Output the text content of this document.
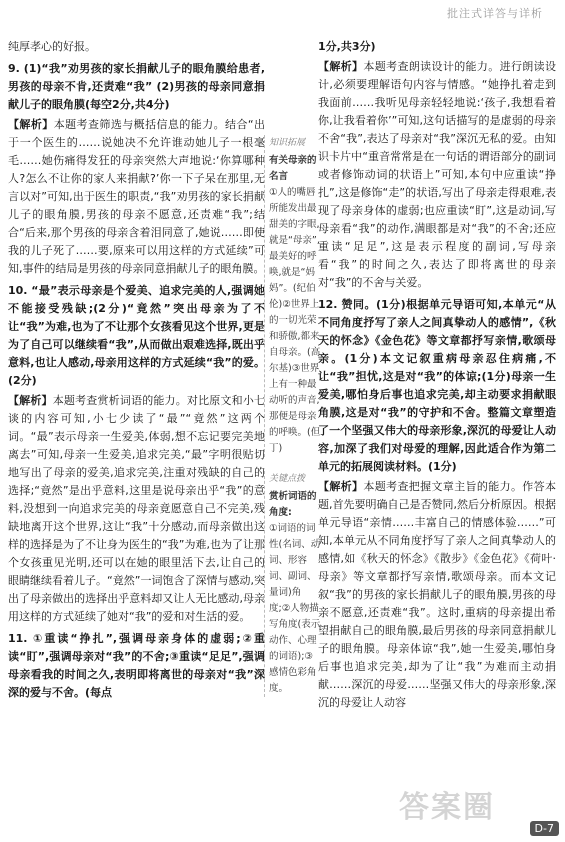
批注式详答与详析

纯厚孝心的好报。

9. (1)“我”劝男孩的家长捐献儿子的眼角膜给患者,男孩的母亲不肯,还责难“我” (2)男孩的母亲同意捐献儿子的眼角膜(每空2分,共4分)

【解析】本题考查筛选与概括信息的能力。结合“出于一个医生的……说她决不允许谁动她儿子一根毫毛……她伤痛得发狂的母亲突然大声地说:‘你算哪种人?怎么不让你的家人来捐献?’你一下子呆在那里,无言以对”可知,出于医生的职责,“我”劝男孩的家长捐献儿子的眼角膜,男孩的母亲不愿意,还责难“我”;结合“后来,那个男孩的母亲含着泪同意了,她说……即使我的儿子死了……要,原来可以用这样的方式延续”可知,事件的结局是男孩的母亲同意捐献儿子的眼角膜。

10. “最”表示母亲是个爱美、追求完美的人,强调她不能接受残缺;(2分)“竟然”突出母亲为了不让“我”为难,也为了不让那个女孩看见这个世界,更是为了自己可以继续看“我”,从而做出艰难选择,既出乎意料,也让人感动,母亲用这样的方式延续“我”的爱。(2分)

【解析】本题考查赏析词语的能力。对比原文和小七谈的内容可知,小七少读了“最”“竟然”这两个词。“最”表示母亲一生爱美,体弱,想不忘记要完美地离去”可知,母亲一生爱美,追求完美,“最”字明很贴切地写出了母亲的爱美,追求完美,注重对残缺的自己的选择;“竟然”是出乎意料,这里是说母亲出乎“我”的意料,没想到一向追求完美的母亲竟愿意自己不完美,残缺地离开这个世界,这让“我”十分感动,而母亲做出这样的选择是为了不让身为医生的“我”为难,也为了让那个女孩重见光明,还可以在她的眼里活下去,让自己的眼睛继续看着儿子。“竟然”一词饱含了深情与感动,突出了母亲做出的选择出乎意料却又让人无比感动,母亲用这样的方式延续了她对“我”的爱和对生活的爱。

11. ①重读“挣扎”,强调母亲身体的虚弱;②重读“盯”,强调母亲对“我”的不舍;③重读“足足”,强调母亲看我的时间之久,表明即将离世的母亲对“我”深深的爱与不舍。(每点

知识拓展
有关母亲的名言
①人的嘴唇所能发出最甜美的字眼,就是“母亲”,最美好的呼唤,就是“妈妈”。(纪伯伦)②世界上的一切光荣和骄傲,都来自母亲。(高尔基)③世界上有一种最动听的声音,那便是母亲的呼唤。(但丁)
关键点拨
赏析词语的角度:
①词语的词性(名词、动词、形容词、副词、量词)角度;②人物描写角度(表示动作、心理的词语);③感情色彩角度。

1分,共3分)

【解析】本题考查朗读设计的能力。进行朗读设计,必须要理解语句内容与情感。“她挣扎着走到我面前……我听见母亲轻轻地说:‘孩子,我想看着你,让我看着你’”可知,这句话描写的是虚弱的母亲不舍“我”,表达了母亲对“我”深沉无私的爱。由知识卡片中“重音常常是在一句话的谓语部分的副词或者修饰动词的状语上”可知,本句中应重读“挣扎”,这是修饰“走”的状语,写出了母亲走得艰难,表现了母亲身体的虚弱;也应重读“盯”,这是动词,写母亲看“我”的动作,满眼都是对“我”的不舍;还应重读“足足”,这是表示程度的副词,写母亲看“我”的时间之久,表达了即将离世的母亲对“我”的不舍与关爱。

12. 赞同。(1分)根据单元导语可知,本单元“从不同角度抒写了亲人之间真挚动人的感情”,《秋天的怀念》《金色花》等文章都抒写亲情,歌颂母亲。(1分)本文记叙重病母亲忍住病痛,不让“我”担忧,这是对“我”的体谅;(1分)母亲一生爱美,哪怕身后事也追求完美,却主动要求捐献眼角膜,这是对“我”的守护和不舍。整篇文章塑造了一个坚强又伟大的母亲形象,深沉的母爱让人动容,加深了我们对母爱的理解,因此适合作为第二单元的拓展阅读材料。(1分)

【解析】本题考查把握文章主旨的能力。作答本题,首先要明确自己是否赞同,然后分析原因。根据单元导语“亲情……丰富自己的情感体验……”可知,本单元从不同角度抒写了亲人之间真挚动人的感情,如《秋天的怀念》《散步》《金色花》《荷叶·母亲》等文章都抒写亲情,歌颂母亲。而本文记叙“我”的男孩的家长捐献儿子的眼角膜,男孩的母亲不愿意,还责难“我”。这时,重病的母亲提出希望捐献自己的眼角膜,最后男孩的母亲同意捐献儿子的眼角膜。母亲体谅“我”,她一生爱美,哪怕身后事也追求完美,却为了让“我”为难而主动捐献……深沉的母爱……坚强又伟大的母亲形象,深沉的母爱让人动容

答案圈
D-7
